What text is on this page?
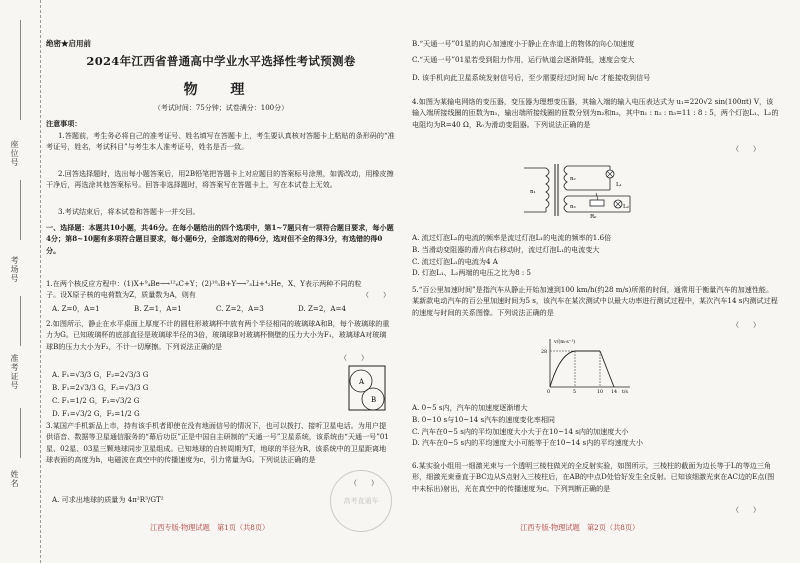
座位号
考场号
准考证号
姓名
绝密★启用前
2024年江西省普通高中学业水平选择性考试预测卷
物 理
（考试时间：75分钟；试卷满分：100分）
注意事项：
1.答题前，考生务必将自己的准考证号、姓名填写在答题卡上，考生要认真核对答题卡上粘贴的条形码的“准考证号，姓名，考试科目”与考生本人准考证号，姓名是否一致。
2.回答选择题时，选出每小题答案后，用2B铅笔把答题卡上对应题目的答案标号涂黑，如需改动，用橡皮擦干净后，再选涂其他答案标号。回答非选择题时，将答案写在答题卡上，写在本试卷上无效。
3.考试结束后，将本试卷和答题卡一并交回。
一、选择题：本题共10小题，共46分。在每小题给出的四个选项中，第1~7题只有一项符合题目要求，每小题4分；第8~10题有多项符合题目要求，每小题6分，全部选对的得6分，选对但不全的得3分，有选错的得0分。
1.在两个核反应方程中：(1)X+⁹₄Be⟶¹²₆C+Y；(2)¹⁰₅B+Y⟶⁷₃Li+⁴₂He，X、Y表示两种不同的粒子。设X原子核的电荷数为Z，质量数为A，则有	（　　）
A. Z=0，A=1	B. Z=1，A=1	C. Z=2，A=3	D. Z=2，A=4
2.如图所示，静止在水平桌面上厚度不计的圆柱形玻璃杯中放有两个半径相同的玻璃球A和B，每个玻璃球的重力为G。已知玻璃杯的底部直径是玻璃球半径的3倍，玻璃球B对玻璃杯侧壁的压力大小为F₁，玻璃球A对玻璃球B的压力大小为F₂，不计一切摩擦。下列说法正确的是
（　　）
A. F₁=√3/3 G，F₂=2√3/3 GB. F₁=2√3/3 G，F₂=√3/3 G
C. F₁=1/2 G，F₂=√3/2 GD. F₁=√3/2 G，F₂=1/2 G
A
B
3.某国产手机新品上市，持有该手机者即使在没有地面信号的情况下，也可以拨打、接听卫星电话。为用户提供语音、数据等卫星通信服务的“幕后功臣”正是中国自主研制的“天通一号”卫星系统，该系统由“天通一号”01星、02星、03星三颗地球同步卫星组成。已知地球的自转周期为T，地球的半径为R，该系统中的卫星距离地球表面的高度为h，电磁波在真空中的传播速度为c，引力常量为G。下列说法正确的是
（　　）
A. 可求出地球的质量为 4π²R³/GT²
江西专版·物理试题　第1页（共8页）
B.“天通一号”01星的向心加速度小于静止在赤道上的物体的向心加速度
C.“天通一号”01星若受到阻力作用，运行轨道会逐渐降低，速度会变大
D. 该手机向此卫星系统发射信号后，至少需要经过时间 h/c 才能接收到信号
4.如图为某输电网络的变压器，变压器为理想变压器，其输入端的输入电压表达式为 u₁=220√2 sin(100πt) V，该输入端所接线圈的匝数为n₁，输出端所接线圈的匝数分别为n₂和n₃，其中n₁ : n₂ : n₃=11 : 8 : 5，两个灯泡L₁、L₂的电阻均为R=40 Ω，R₀为滑动变阻器。下列说法正确的是
（　　）
n₁
n₂
n₃
L₁
L₂
R₀
A. 流过灯泡L₂的电流的频率是流过灯泡L₁的电流的频率的1.6倍
B. 当滑动变阻器的滑片向右移动时，流过灯泡L₁的电流变大
C. 流过灯泡L₁的电流为4 A
D. 灯泡L₁、L₂两端的电压之比为8 : 5
5.“百公里加速时间”是指汽车从静止开始加速到100 km/h(约28 m/s)所需的时间，通常用于衡量汽车的加速性能。某新款电动汽车的百公里加速时间为5 s，该汽车在某次测试中以最大功率进行测试过程中，某次汽车14 s内测试过程的速度与时间的关系图像。下列说法正确的是
（　　）
v/(m·s⁻¹)
28
0	5	10 14 t/s
A. 0~5 s内，汽车的加速度逐渐增大
B. 0~10 s与10~14 s汽车的速度变化率相同
C. 汽车在0~5 s内的平均加速度大小大于在10~14 s内的加速度大小
D. 汽车在0~5 s内的平均速度大小可能等于在10~14 s内的平均速度大小
6.某实验小组用一细激光束与一个透明三棱柱做光的全反射实验，如图所示，三棱柱的截面为边长等于L的等边三角形，细激光束垂直于BC边从S点射入三棱柱后，在AB的中点D处恰好发生全反射。已知该细激光束在AC边的E点(图中未标出)射出，光在真空中的传播速度为c。下列判断正确的是
（　　）
江西专版·物理试题　第2页（共8页）
高考直通车
